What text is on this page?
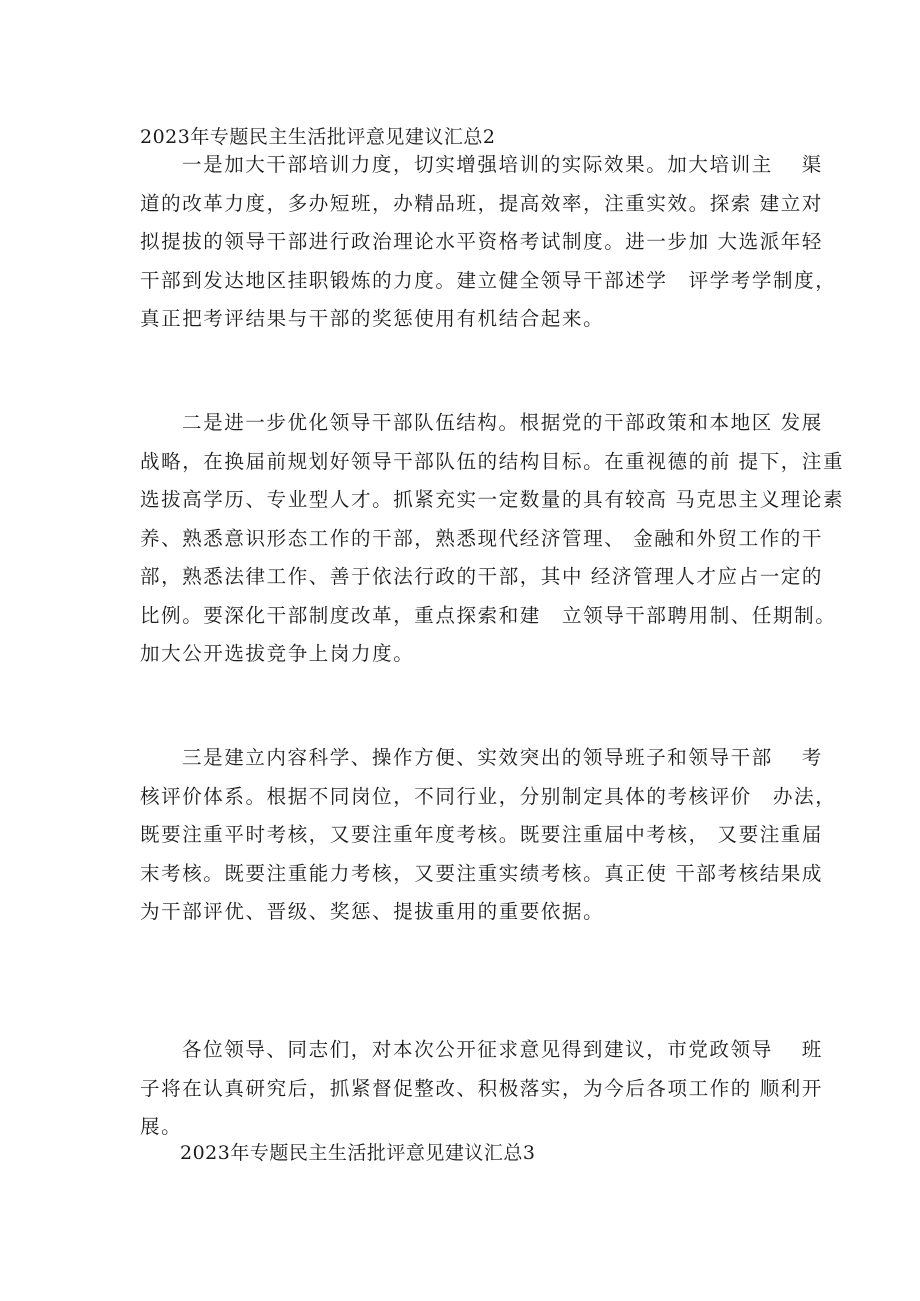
2023年专题民主生活批评意见建议汇总2
一是加大干部培训力度，切实增强培训的实际效果。加大培训主　 渠
道的改革力度，多办短班，办精品班，提高效率，注重实效。探索 建立对
拟提拔的领导干部进行政治理论水平资格考试制度。进一步加 大选派年轻
干部到发达地区挂职锻炼的力度。建立健全领导干部述学　评学考学制度，
真正把考评结果与干部的奖惩使用有机结合起来。
二是进一步优化领导干部队伍结构。根据党的干部政策和本地区 发展
战略，在换届前规划好领导干部队伍的结构目标。在重视德的前 提下，注重
选拔高学历、专业型人才。抓紧充实一定数量的具有较高 马克思主义理论素
养、熟悉意识形态工作的干部，熟悉现代经济管理、 金融和外贸工作的干
部，熟悉法律工作、善于依法行政的干部，其中 经济管理人才应占一定的
比例。要深化干部制度改革，重点探索和建　立领导干部聘用制、任期制。
加大公开选拔竞争上岗力度。
三是建立内容科学、操作方便、实效突出的领导班子和领导干部　 考
核评价体系。根据不同岗位，不同行业，分别制定具体的考核评价　办法，
既要注重平时考核，又要注重年度考核。既要注重届中考核， 又要注重届
末考核。既要注重能力考核，又要注重实绩考核。真正使 干部考核结果成
为干部评优、晋级、奖惩、提拔重用的重要依据。
各位领导、同志们，对本次公开征求意见得到建议，市党政领导　 班
子将在认真研究后，抓紧督促整改、积极落实，为今后各项工作的 顺利开
展。
2023年专题民主生活批评意见建议汇总3
